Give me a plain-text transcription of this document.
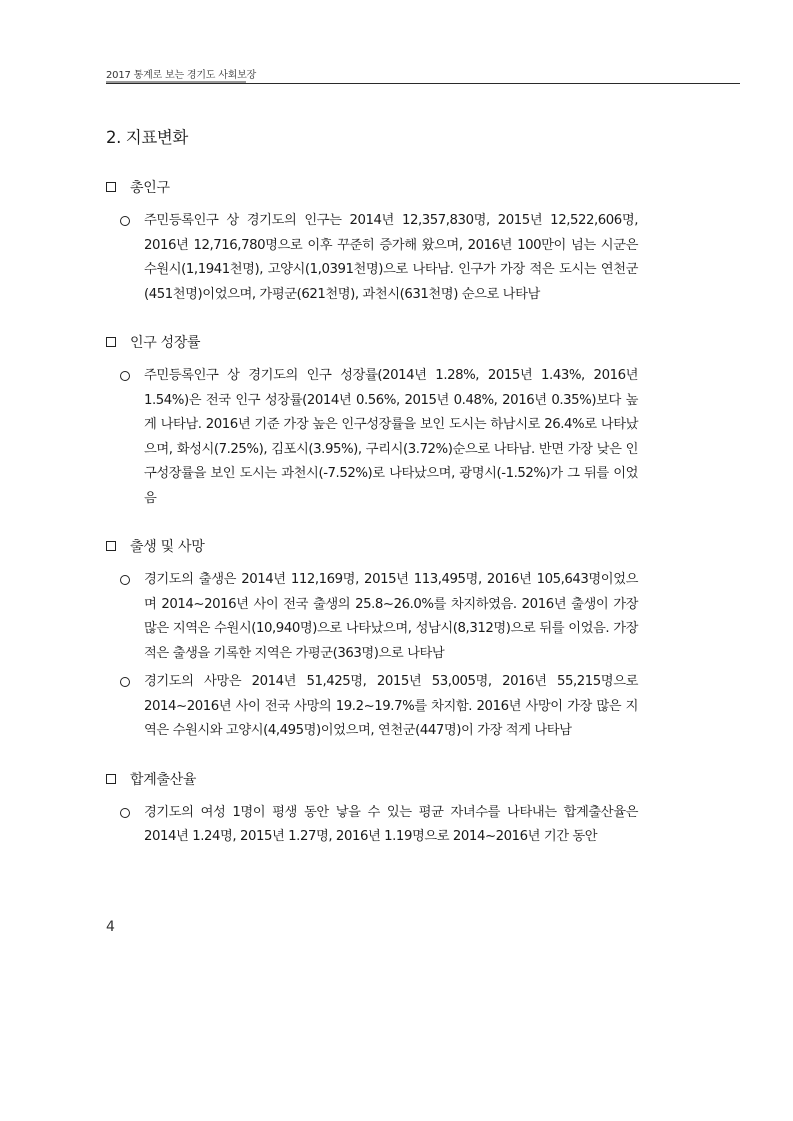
2017 통계로 보는 경기도 사회보장
2. 지표변화
총인구
주민등록인구 상 경기도의 인구는 2014년 12,357,830명, 2015년 12,522,606명, 2016년 12,716,780명으로 이후 꾸준히 증가해 왔으며, 2016년 100만이 넘는 시군은 수원시(1,1941천명), 고양시(1,0391천명)으로 나타남. 인구가 가장 적은 도시는 연천군(451천명)이었으며, 가평군(621천명), 과천시(631천명) 순으로 나타남
인구 성장률
주민등록인구 상 경기도의 인구 성장률(2014년 1.28%, 2015년 1.43%, 2016년 1.54%)은 전국 인구 성장률(2014년 0.56%, 2015년 0.48%, 2016년 0.35%)보다 높게 나타남. 2016년 기준 가장 높은 인구성장률을 보인 도시는 하남시로 26.4%로 나타났으며, 화성시(7.25%), 김포시(3.95%), 구리시(3.72%)순으로 나타남. 반면 가장 낮은 인구성장률을 보인 도시는 과천시(-7.52%)로 나타났으며, 광명시(-1.52%)가 그 뒤를 이었음
출생 및 사망
경기도의 출생은 2014년 112,169명, 2015년 113,495명, 2016년 105,643명이었으며 2014~2016년 사이 전국 출생의 25.8~26.0%를 차지하였음. 2016년 출생이 가장 많은 지역은 수원시(10,940명)으로 나타났으며, 성남시(8,312명)으로 뒤를 이었음. 가장 적은 출생을 기록한 지역은 가평군(363명)으로 나타남
경기도의 사망은 2014년 51,425명, 2015년 53,005명, 2016년 55,215명으로 2014~2016년 사이 전국 사망의 19.2~19.7%를 차지함. 2016년 사망이 가장 많은 지역은 수원시와 고양시(4,495명)이었으며, 연천군(447명)이 가장 적게 나타남
합계출산율
경기도의 여성 1명이 평생 동안 낳을 수 있는 평균 자녀수를 나타내는 합계출산율은 2014년 1.24명, 2015년 1.27명, 2016년 1.19명으로 2014~2016년 기간 동안
4
